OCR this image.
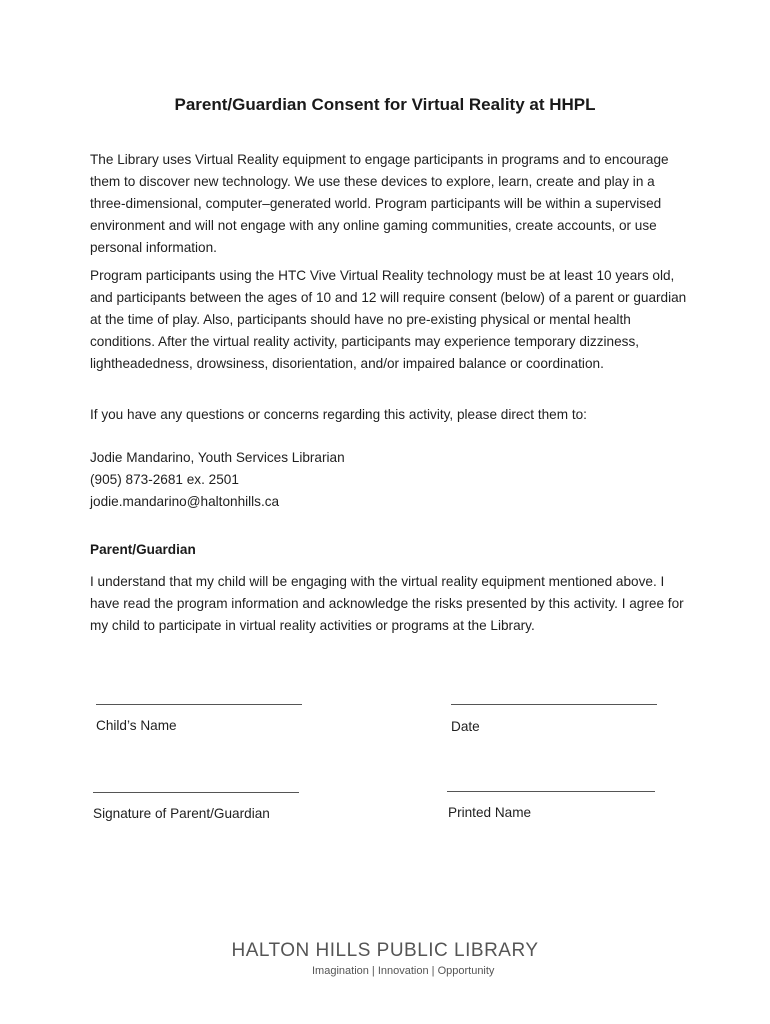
Parent/Guardian Consent for Virtual Reality at HHPL

The Library uses Virtual Reality equipment to engage participants in programs and to encourage them to discover new technology. We use these devices to explore, learn, create and play in a three-dimensional, computer–generated world. Program participants will be within a supervised environment and will not engage with any online gaming communities, create accounts, or use personal information.

Program participants using the HTC Vive Virtual Reality technology must be at least 10 years old, and participants between the ages of 10 and 12 will require consent (below) of a parent or guardian at the time of play. Also, participants should have no pre-existing physical or mental health conditions. After the virtual reality activity, participants may experience temporary dizziness, lightheadedness, drowsiness, disorientation, and/or impaired balance or coordination.

If you have any questions or concerns regarding this activity, please direct them to:

Jodie Mandarino, Youth Services Librarian
(905) 873-2681 ex. 2501
jodie.mandarino@haltonhills.ca
Parent/Guardian

I understand that my child will be engaging with the virtual reality equipment mentioned above. I have read the program information and acknowledge the risks presented by this activity. I agree for my child to participate in virtual reality activities or programs at the Library.

Child’s Name	Date
Signature of Parent/Guardian	Printed Name
HALTON HILLS PUBLIC LIBRARY
Imagination | Innovation | Opportunity
